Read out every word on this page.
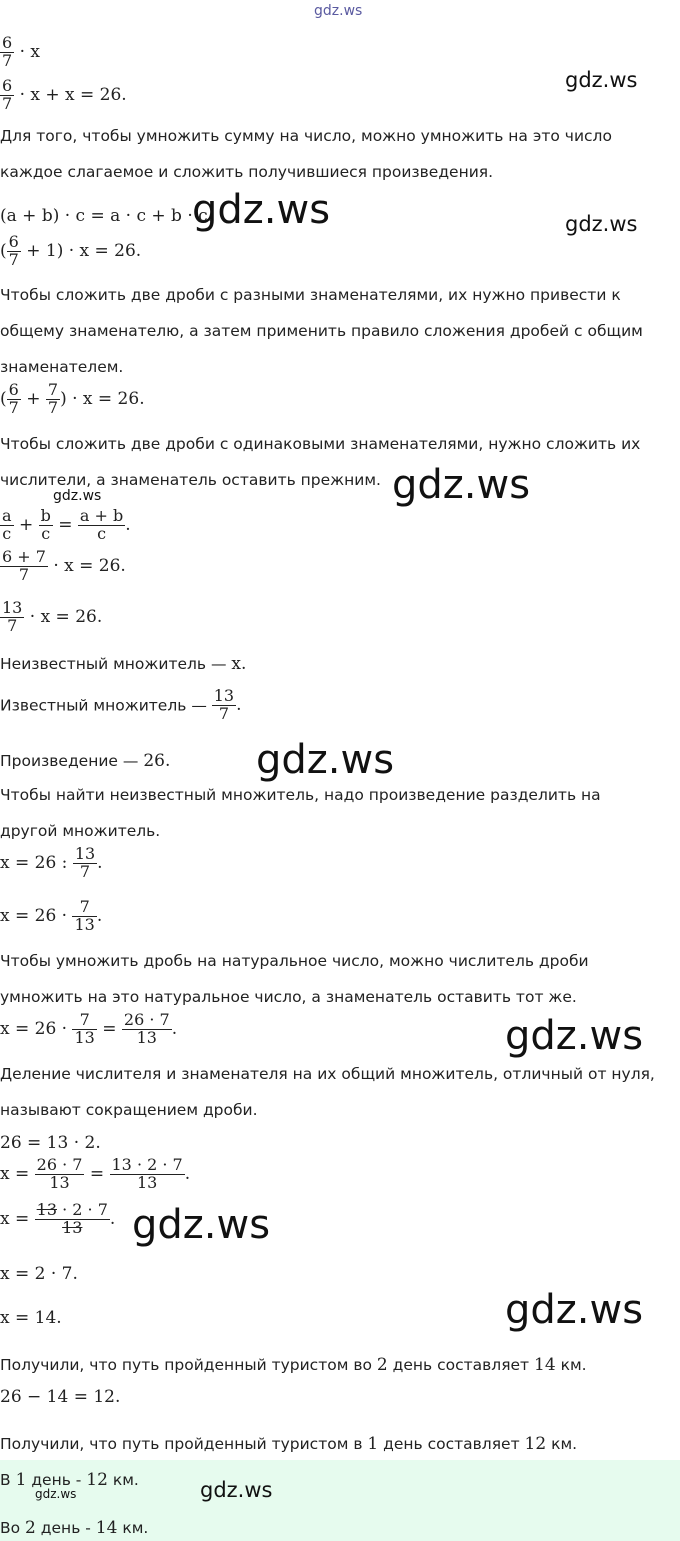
gdz.ws
gdz.ws
gdz.ws	gdz.ws
gdz.ws
gdz.ws
gdz.ws
gdz.ws
gdz.ws
gdz.ws
gdz.ws
gdz.ws
$\frac{6}{7} \cdot x$
$\frac{6}{7} \cdot x + x = 26$.
Для того, чтобы умножить сумму на число, можно умножить на это число
каждое слагаемое и сложить получившиеся произведения.
(a + b) · c = a · c + b · c.
( $\frac{6}{7} + 1) \cdot x = 26$.
Чтобы сложить две дроби с разными знаменателями, их нужно привести к
общему знаменателю, а затем применить правило сложения дробей с общим
знаменателем.
( $\frac{6}{7} + \frac{7}{7}$ ) · x = 26.
Чтобы сложить две дроби с одинаковыми знаменателями, нужно сложить их
числители, а знаменатель оставить прежним.
$\frac{a}{c} + \frac{b}{c} = \frac{a + b}{c}$ .
$\frac{6 + 7}{7} \cdot x = 26$.
$\frac{13}{7} \cdot x = 26$.
Неизвестный множитель — x.
Известный множитель — $\frac{13}{7}$ .
Произведение — 26.
Чтобы найти неизвестный множитель, надо произведение разделить на
другой множитель.
x = 26 : $\frac{13}{7}$ .
$x = 26 \cdot \frac{7}{13}$ .
Чтобы умножить дробь на натуральное число, можно числитель дроби
умножить на это натуральное число, а знаменатель оставить тот же.
$x = 26 \cdot \frac{7}{13} = \frac{26 \cdot 7}{13}$ .
Деление числителя и знаменателя на их общий множитель, отличный от нуля,
называют сокращением дроби.
26 = 13 · 2.
$x = \frac{26 \cdot 7}{13} = \frac{13 \cdot 2 \cdot 7}{13}$ .
$x = \frac{13 \cdot 2 \cdot 7}{13}$ .
x = 2 · 7.
x = 14.
Получили, что путь пройденный туристом во 2 день составляет 14 км.
26 − 14 = 12.
Получили, что путь пройденный туристом в 1 день составляет 12 км.
В 1 день - 12 км.
Во 2 день - 14 км.
